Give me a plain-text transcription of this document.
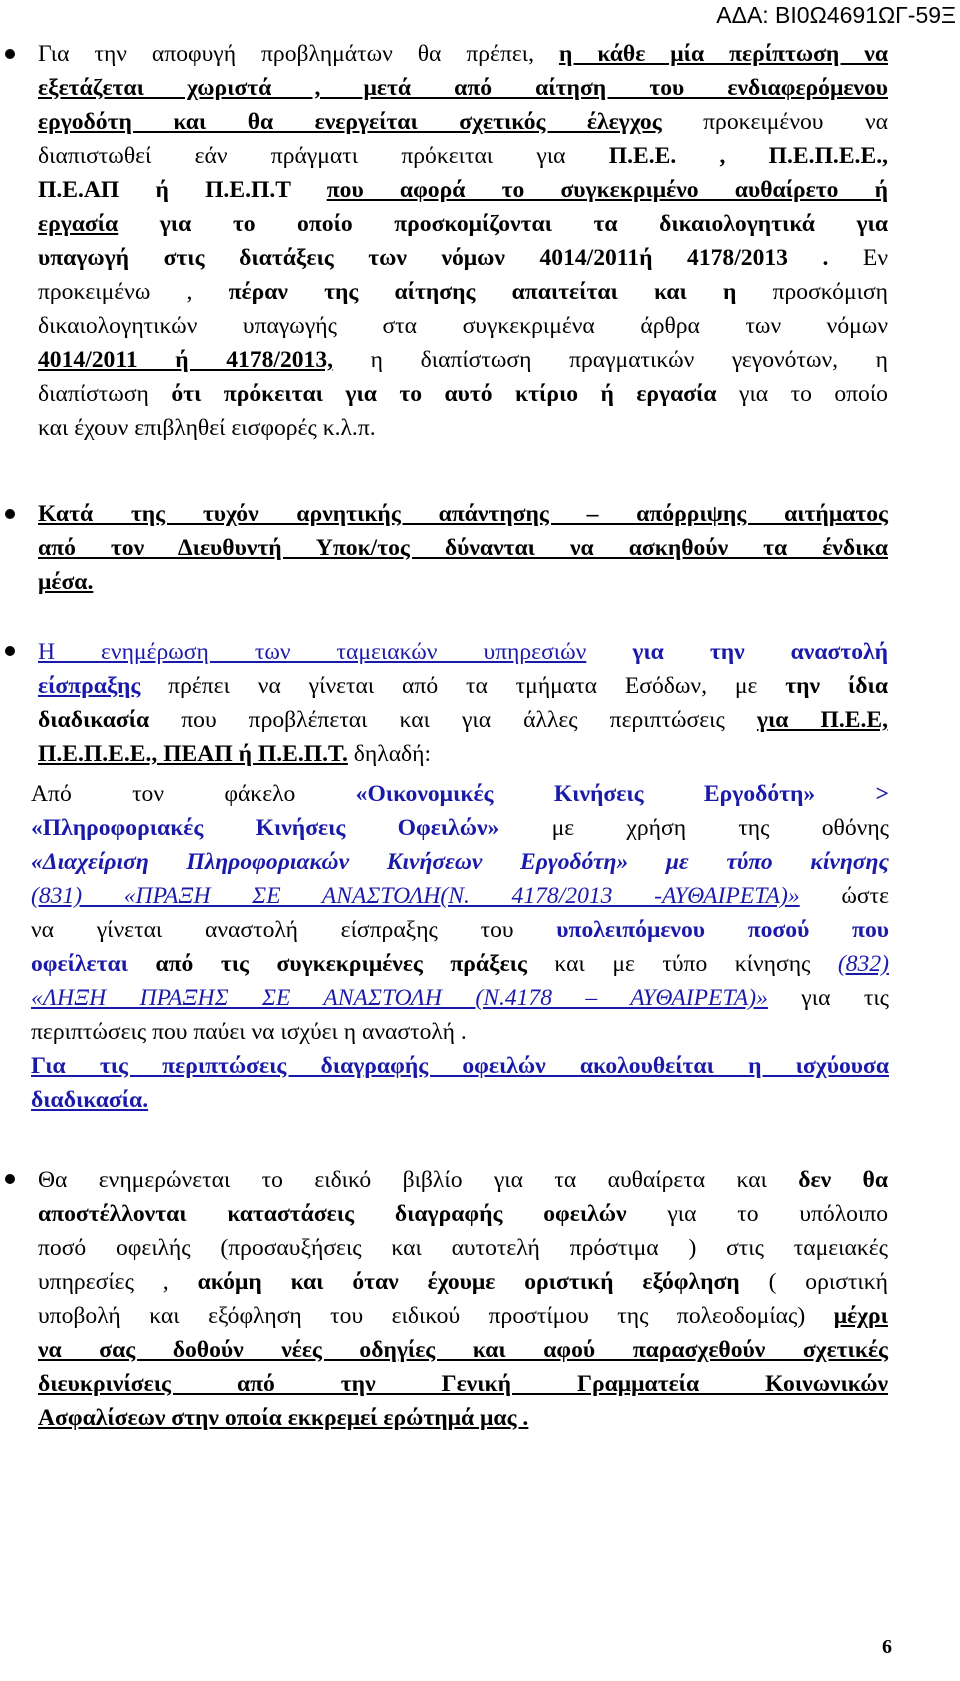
ΑΔΑ: ΒΙ0Ω4691ΩΓ-59Ξ
Για την αποφυγή προβλημάτων θα πρέπει, η κάθε μία περίπτωση να
εξετάζεται χωριστά , μετά από αίτηση του ενδιαφερόμενου
εργοδότη και θα ενεργείται σχετικός έλεγχος προκειμένου να
διαπιστωθεί εάν πράγματι πρόκειται για Π.Ε.Ε. , Π.Ε.Π.Ε.Ε.,
Π.Ε.ΑΠ ή Π.Ε.Π.Τ που αφορά το συγκεκριμένο αυθαίρετο ή
εργασία για το οποίο προσκομίζονται τα δικαιολογητικά για
υπαγωγή στις διατάξεις των νόμων 4014/2011ή 4178/2013 . Εν
προκειμένω , πέραν της αίτησης απαιτείται και η προσκόμιση
δικαιολογητικών υπαγωγής στα συγκεκριμένα άρθρα των νόμων
4014/2011 ή 4178/2013, η διαπίστωση πραγματικών γεγονότων, η
διαπίστωση ότι πρόκειται για το αυτό κτίριο ή εργασία για το οποίο
και έχουν επιβληθεί εισφορές κ.λ.π.
Κατά της τυχόν αρνητικής απάντησης – απόρριψης αιτήματος
από τον Διευθυντή Υποκ/τος δύνανται να ασκηθούν τα ένδικα
μέσα.
Η ενημέρωση των ταμειακών υπηρεσιών για την αναστολή
είσπραξης πρέπει να γίνεται από τα τμήματα Εσόδων, με την ίδια
διαδικασία που προβλέπεται και για άλλες περιπτώσεις για Π.Ε.Ε,
Π.Ε.Π.Ε.Ε., ΠΕΑΠ ή Π.Ε.Π.Τ. δηλαδή:
Από τον φάκελο «Οικονομικές Κινήσεις Εργοδότη» >
«Πληροφοριακές Κινήσεις Οφειλών» με χρήση της οθόνης
«Διαχείριση Πληροφοριακών Κινήσεων Εργοδότη» με τύπο κίνησης
(831) «ΠΡΑΞΗ ΣΕ ΑΝΑΣΤΟΛΗ(Ν. 4178/2013 -ΑΥΘΑΙΡΕΤΑ)» ώστε
να γίνεται αναστολή είσπραξης του υπολειπόμενου ποσού που
οφείλεται από τις συγκεκριμένες πράξεις και με τύπο κίνησης (832)
«ΛΗΞΗ ΠΡΑΞΗΣ ΣΕ ΑΝΑΣΤΟΛΗ (Ν.4178 – ΑΥΘΑΙΡΕΤΑ)» για τις
περιπτώσεις που παύει να ισχύει η αναστολή .
Για τις περιπτώσεις διαγραφής οφειλών ακολουθείται η ισχύουσα
διαδικασία.
Θα ενημερώνεται το ειδικό βιβλίο για τα αυθαίρετα και δεν θα
αποστέλλονται καταστάσεις διαγραφής οφειλών για το υπόλοιπο
ποσό οφειλής (προσαυξήσεις και αυτοτελή πρόστιμα ) στις ταμειακές
υπηρεσίες , ακόμη και όταν έχουμε οριστική εξόφληση ( οριστική
υποβολή και εξόφληση του ειδικού προστίμου της πολεοδομίας) μέχρι
να σας δοθούν νέες οδηγίες και αφού παρασχεθούν σχετικές
διευκρινίσεις από την Γενική Γραμματεία Κοινωνικών
Ασφαλίσεων στην οποία εκκρεμεί ερώτημά μας .
6
